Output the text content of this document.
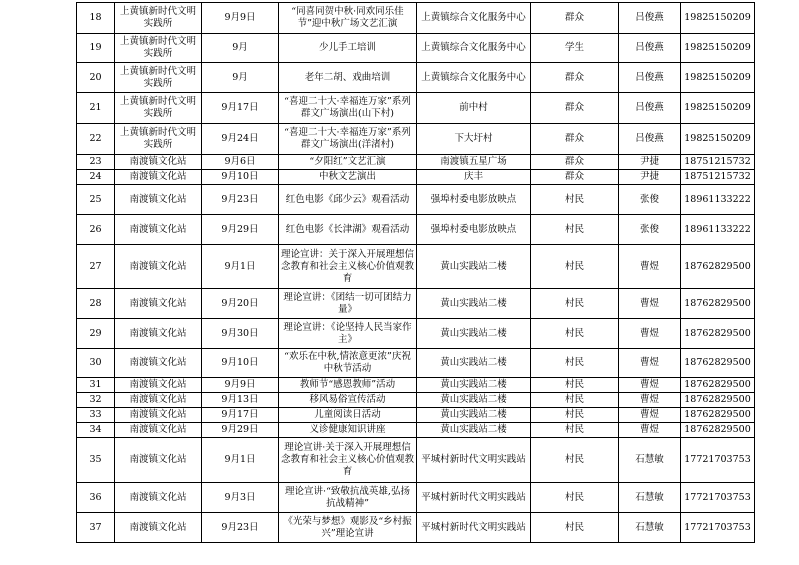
18	上黄镇新时代文明实践所	9月9日	“同喜同贺中秋·同欢同乐佳节”迎中秋广场文艺汇演	上黄镇综合文化服务中心	群众	吕俊燕	19825150209
19	上黄镇新时代文明实践所	9月	少儿手工培训	上黄镇综合文化服务中心	学生	吕俊燕	19825150209
20	上黄镇新时代文明实践所	9月	老年二胡、戏曲培训	上黄镇综合文化服务中心	群众	吕俊燕	19825150209
21	上黄镇新时代文明实践所	9月17日	“喜迎二十大·幸福连万家”系列群文广场演出(山下村)	前中村	群众	吕俊燕	19825150209
22	上黄镇新时代文明实践所	9月24日	“喜迎二十大·幸福连万家”系列群文广场演出(洋渚村)	下大圩村	群众	吕俊燕	19825150209
23	南渡镇文化站	9月6日	“夕阳红”文艺汇演	南渡镇五星广场	群众	尹捷	18751215732
24	南渡镇文化站	9月10日	中秋文艺演出	庆丰	群众	尹捷	18751215732
25	南渡镇文化站	9月23日	红色电影《邱少云》观看活动	强埠村委电影放映点	村民	张俊	18961133222
26	南渡镇文化站	9月29日	红色电影《长津湖》观看活动	强埠村委电影放映点	村民	张俊	18961133222
27	南渡镇文化站	9月1日	理论宣讲：关于深入开展理想信念教育和社会主义核心价值观教育	黄山实践站二楼	村民	曹煜	18762829500
28	南渡镇文化站	9月20日	理论宣讲：《团结一切可团结力量》	黄山实践站二楼	村民	曹煜	18762829500
29	南渡镇文化站	9月30日	理论宣讲：《论坚持人民当家作主》	黄山实践站二楼	村民	曹煜	18762829500
30	南渡镇文化站	9月10日	“欢乐在中秋,情浓意更浓”庆祝中秋节活动	黄山实践站二楼	村民	曹煜	18762829500
31	南渡镇文化站	9月9日	教师节“感恩教师”活动	黄山实践站二楼	村民	曹煜	18762829500
32	南渡镇文化站	9月13日	移风易俗宣传活动	黄山实践站二楼	村民	曹煜	18762829500
33	南渡镇文化站	9月17日	儿童阅读日活动	黄山实践站二楼	村民	曹煜	18762829500
34	南渡镇文化站	9月29日	义诊健康知识讲座	黄山实践站二楼	村民	曹煜	18762829500
35	南渡镇文化站	9月1日	理论宣讲·关于深入开展理想信念教育和社会主义核心价值观教育	平城村新时代文明实践站	村民	石慧敏	17721703753
36	南渡镇文化站	9月3日	理论宣讲·“致敬抗战英雄,弘扬抗战精神”	平城村新时代文明实践站	村民	石慧敏	17721703753
37	南渡镇文化站	9月23日	《光荣与梦想》观影及“乡村振兴”理论宣讲	平城村新时代文明实践站	村民	石慧敏	17721703753
